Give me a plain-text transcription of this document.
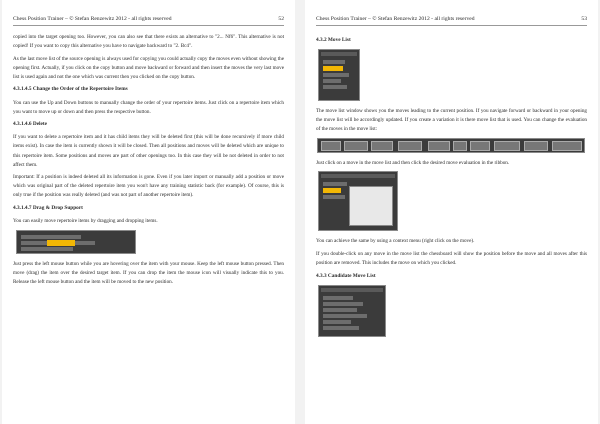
Chess Position Trainer – © Stefan Renzewitz 2012 - all rights reserved	52

copied into the target opening too. However, you can also see that there exists an alternative to "2... Nf6". This alternative is not copied! If you want to copy this alternative you have to navigate backward to "2. Bc4".

As the last move list of the source opening is always used for copying you could actually copy the moves even without showing the opening first. Actually, if you click on the copy button and move backward or forward and then insert the moves the very last move list is used again and not the one which was current then you clicked on the copy button.

4.3.1.4.5 Change the Order of the Repertoire Items

You can use the Up and Down buttons to manually change the order of your repertoire items. Just click on a repertoire item which you want to move up or down and then press the respective button.

4.3.1.4.6 Delete

If you want to delete a repertoire item and it has child items they will be deleted first (this will be done recursively if more child items exist). In case the item is currently shown it will be closed. Then all positions and moves will be deleted which are unique to this repertoire item. Some positions and moves are part of other openings too. In this case they will be not deleted in order to not affect them.

Important: If a position is indeed deleted all its information is gone. Even if you later import or manually add a position or move which was original part of the deleted repertoire item you won't have any training statistic back (for example). Of course, this is only true if the position was really deleted (and was not part of another repertoire item).

4.3.1.4.7 Drag & Drop Support

You can easily move repertoire items by dragging and dropping items.

Just press the left mouse button while you are hovering over the item with your mouse. Keep the left mouse button pressed. Then move (drag) the item over the desired target item. If you can drop the item the mouse icon will visually indicate this to you. Release the left mouse button and the item will be moved to the new position.

Chess Position Trainer – © Stefan Renzewitz 2012 - all rights reserved	53
4.3.2 Move List

The move list window shows you the moves leading to the current position. If you navigate forward or backward in your opening the move list will be accordingly updated. If you create a variation it is there move list that is used. You can change the evaluation of the moves in the move list:

Just click on a move in the move list and then click the desired move evaluation in the ribbon.

You can achieve the same by using a context menu (right click on the move).

If you double-click on any move in the move list the chessboard will show the position before the move and all moves after this position are removed. This includes the move on which you clicked.

4.3.3 Candidate Move List
